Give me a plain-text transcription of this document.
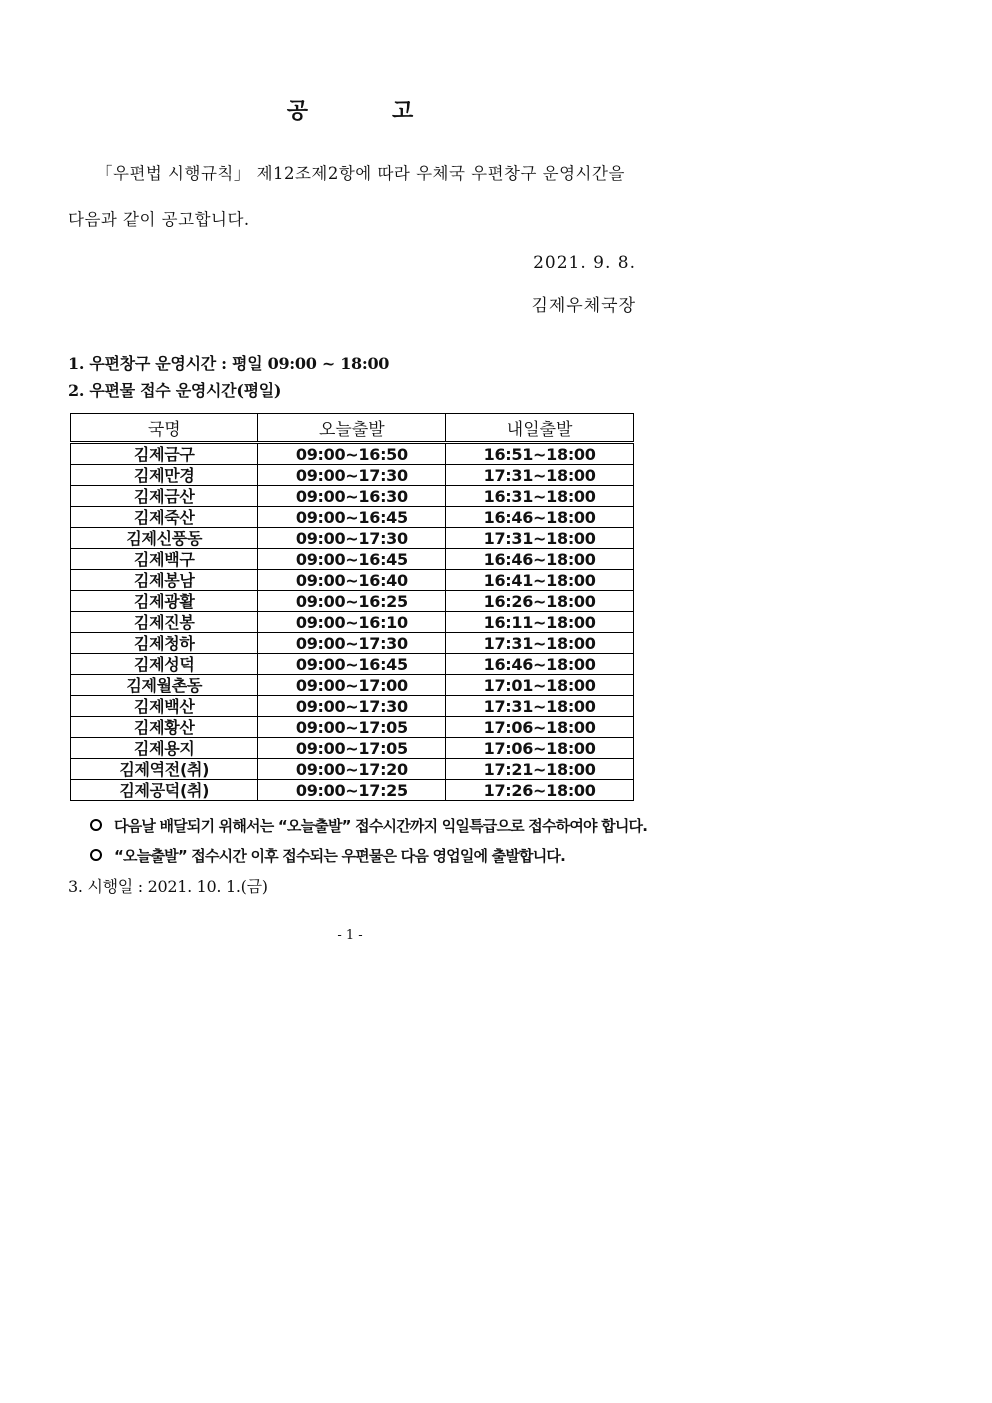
공	고
「우편법 시행규칙」 제12조제2항에 따라 우체국 우편창구 운영시간을
다음과 같이 공고합니다.
2021. 9. 8.
김제우체국장
1. 우편창구 운영시간 : 평일 09:00 ~ 18:00
2. 우편물 접수 운영시간(평일)
국명	오늘출발	내일출발
김제금구	09:00~16:50	16:51~18:00
김제만경	09:00~17:30	17:31~18:00
김제금산	09:00~16:30	16:31~18:00
김제죽산	09:00~16:45	16:46~18:00
김제신풍동	09:00~17:30	17:31~18:00
김제백구	09:00~16:45	16:46~18:00
김제봉남	09:00~16:40	16:41~18:00
김제광활	09:00~16:25	16:26~18:00
김제진봉	09:00~16:10	16:11~18:00
김제청하	09:00~17:30	17:31~18:00
김제성덕	09:00~16:45	16:46~18:00
김제월촌동	09:00~17:00	17:01~18:00
김제백산	09:00~17:30	17:31~18:00
김제황산	09:00~17:05	17:06~18:00
김제용지	09:00~17:05	17:06~18:00
김제역전(취)	09:00~17:20	17:21~18:00
김제공덕(취)	09:00~17:25	17:26~18:00
다음날 배달되기 위해서는 “오늘출발” 접수시간까지 익일특급으로 접수하여야 합니다.
“오늘출발” 접수시간 이후 접수되는 우편물은 다음 영업일에 출발합니다.
3. 시행일 : 2021. 10. 1.(금)
- 1 -
